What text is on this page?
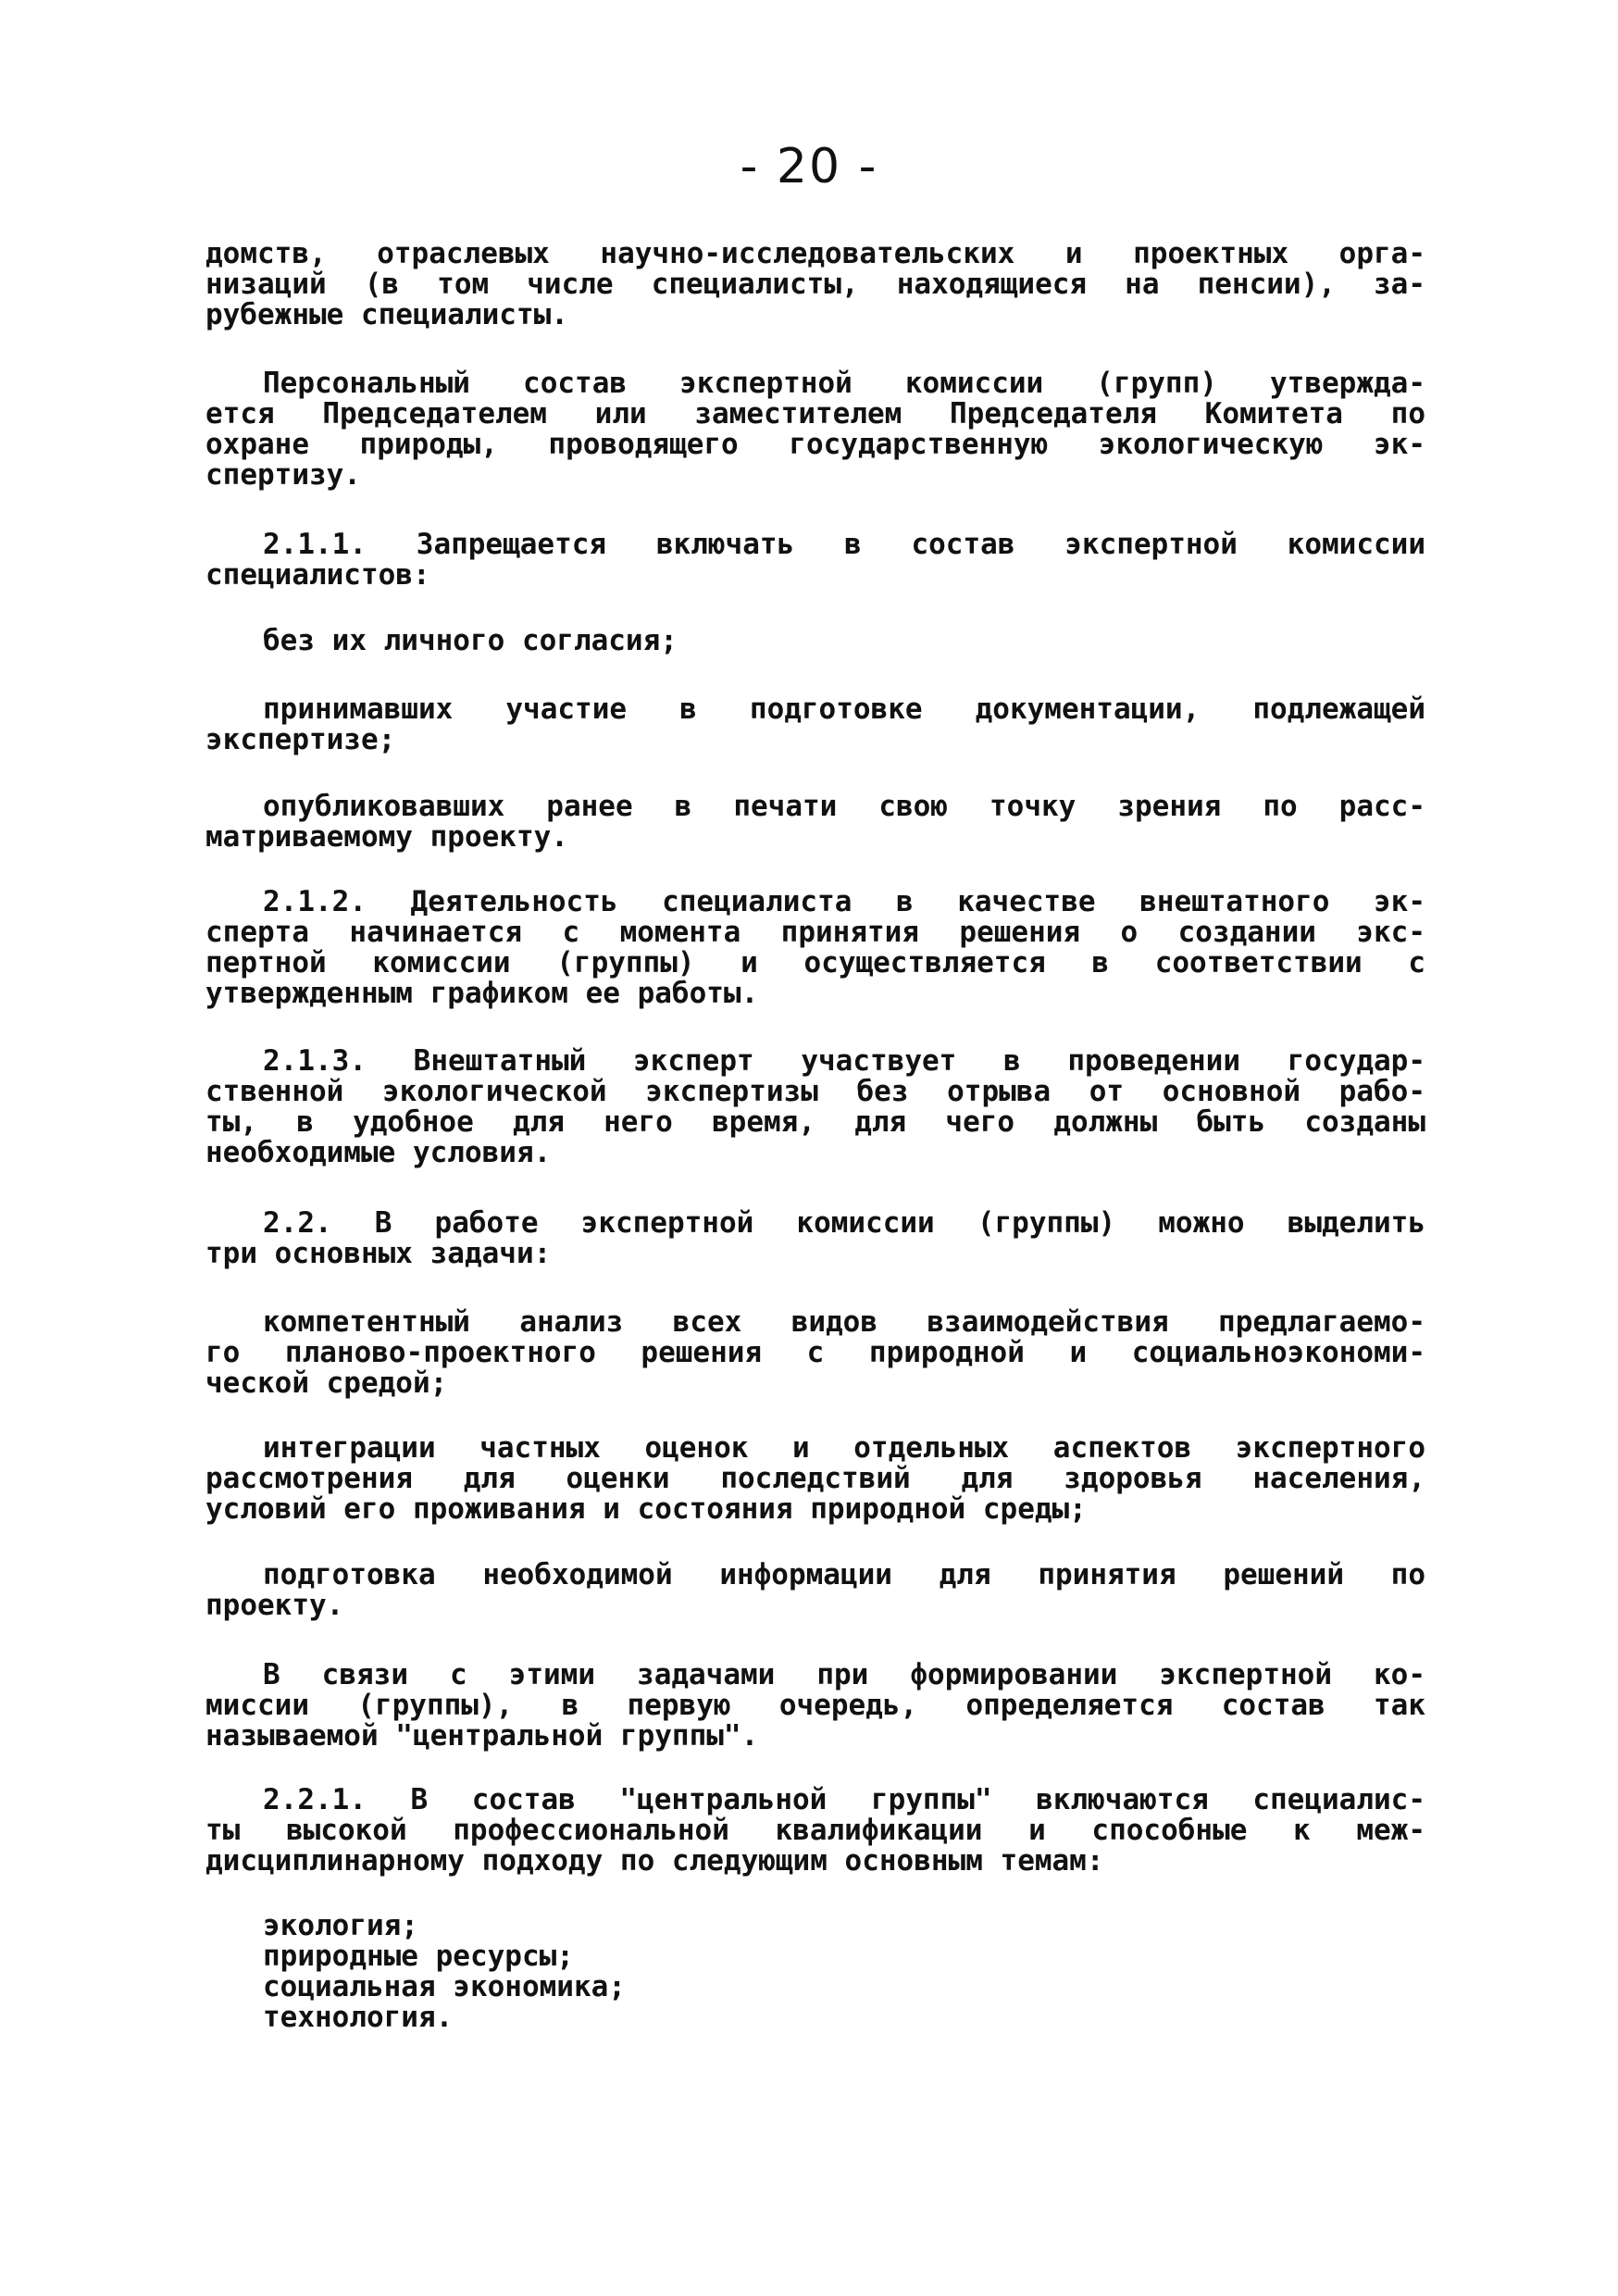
- 20 -
домств, отраслевых научно-исследовательских и проектных орга-
низаций (в том числе специалисты, находящиеся на пенсии), за-
рубежные специалисты.
Персональный состав экспертной комиссии (групп) утвержда-
ется Председателем или заместителем Председателя Комитета по
охране природы, проводящего государственную экологическую эк-
спертизу.
2.1.1. Запрещается включать в состав экспертной комиссии
специалистов:
без их личного согласия;
принимавших участие в подготовке документации, подлежащей
экспертизе;
опубликовавших ранее в печати свою точку зрения по расс-
матриваемому проекту.
2.1.2. Деятельность специалиста в качестве внештатного эк-
сперта начинается с момента принятия решения о создании экс-
пертной комиссии (группы) и осуществляется в соответствии с
утвержденным графиком ее работы.
2.1.3. Внештатный эксперт участвует в проведении государ-
ственной экологической экспертизы без отрыва от основной рабо-
ты, в удобное для него время, для чего должны быть созданы
необходимые условия.
2.2. В работе экспертной комиссии (группы) можно выделить
три основных задачи:
компетентный анализ всех видов взаимодействия предлагаемо-
го планово-проектного решения с природной и социальноэкономи-
ческой средой;
интеграции частных оценок и отдельных аспектов экспертного
рассмотрения для оценки последствий для здоровья населения,
условий его проживания и состояния природной среды;
подготовка необходимой информации для принятия решений по
проекту.
В связи с этими задачами при формировании экспертной ко-
миссии (группы), в первую очередь, определяется состав так
называемой "центральной группы".
2.2.1. В состав "центральной группы" включаются специалис-
ты высокой профессиональной квалификации и способные к меж-
дисциплинарному подходу по следующим основным темам:
экология;
природные ресурсы;
социальная экономика;
технология.
